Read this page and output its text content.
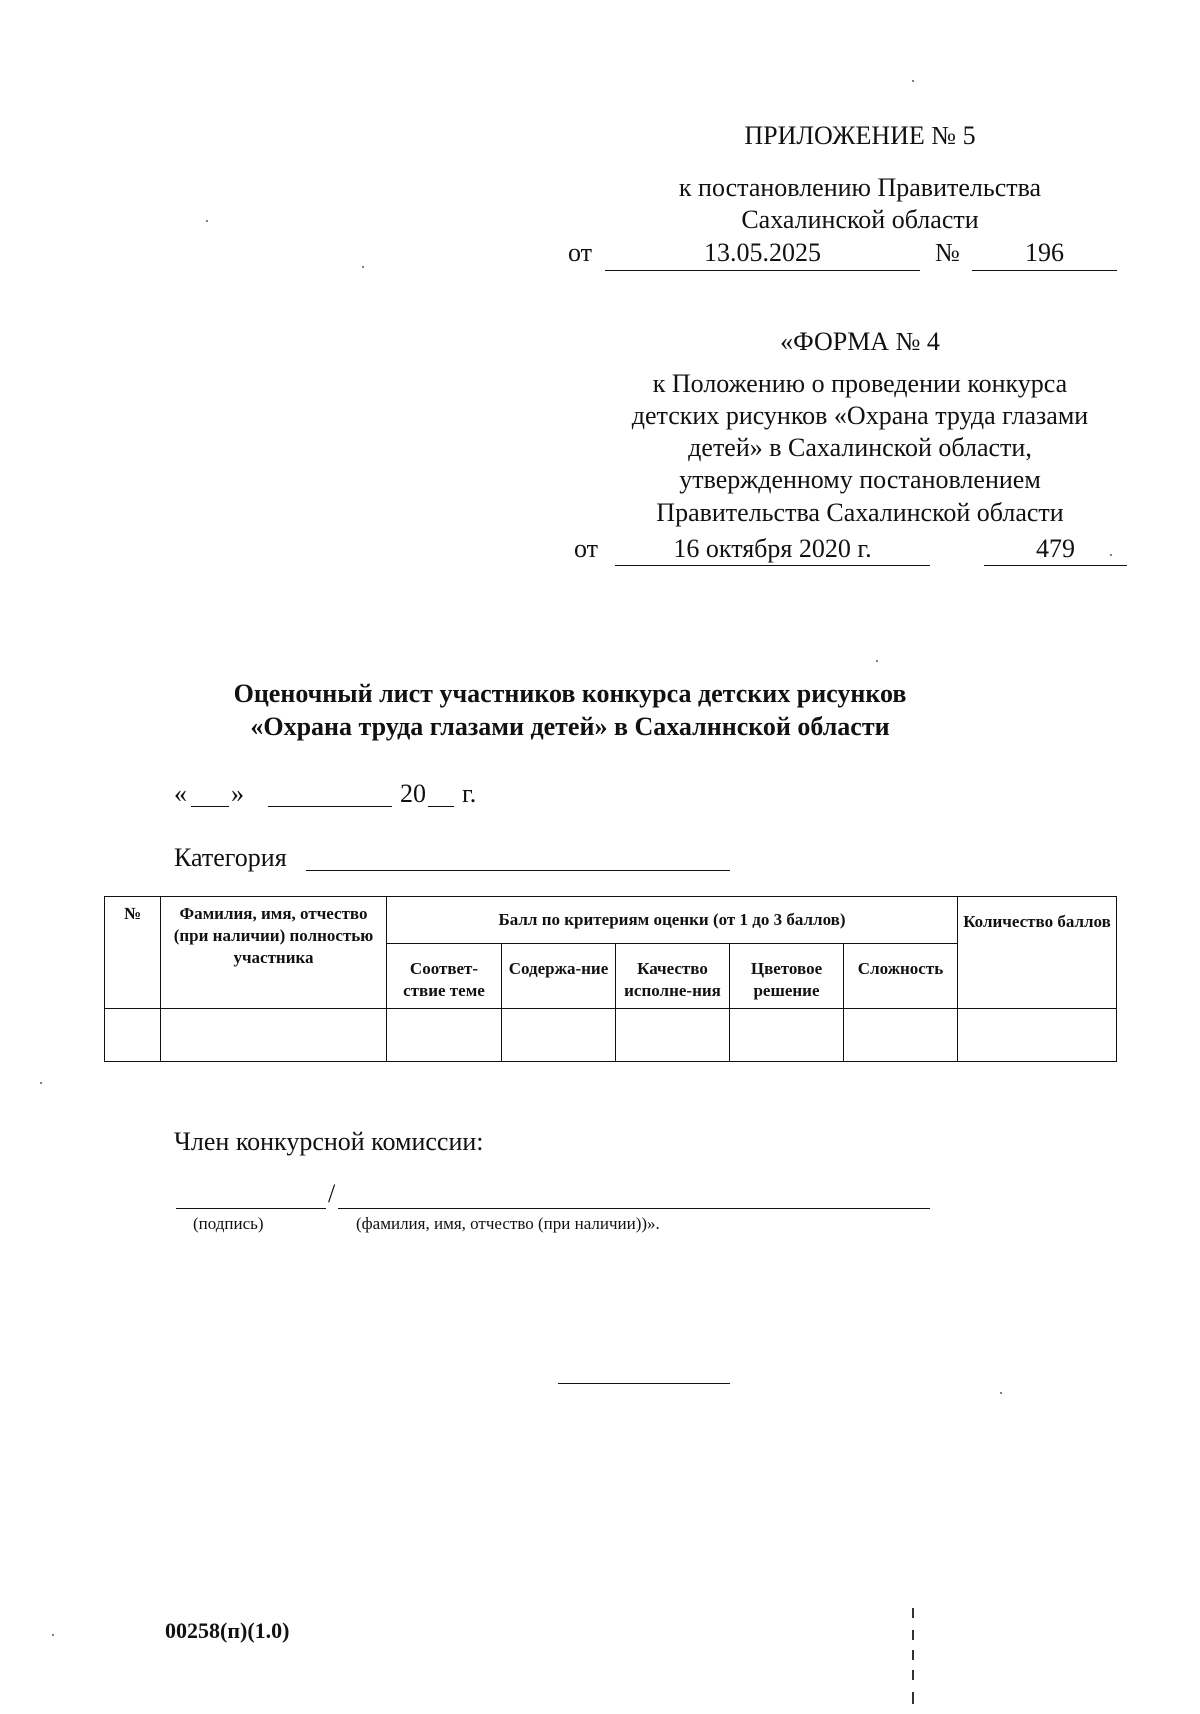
ПРИЛОЖЕНИЕ № 5
к постановлению Правительства
Сахалинской области
от	13.05.2025	№	196
«ФОРМА № 4
к Положению о проведении конкурса
детских рисунков «Охрана труда глазами
детей» в Сахалинской области,
утвержденному постановлением
Правительства Сахалинской области
от	16 октября 2020 г.	479
Оценочный лист участников конкурса детских рисунков
«Охрана труда глазами детей» в Сахалннской области
« »	20 г.
Категория
№	Фамилия, имя, отчество (при наличии) полностью участника	Балл по критериям оценки (от 1 до 3 баллов)					Количество баллов
		Соответ-ствие теме	Содержа-ние	Качество исполне-ния	Цветовое решение	Сложность	

Член конкурсной комиссии:
/
(подпись)	(фамилия, имя, отчество (при наличии))».
00258(п)(1.0)
